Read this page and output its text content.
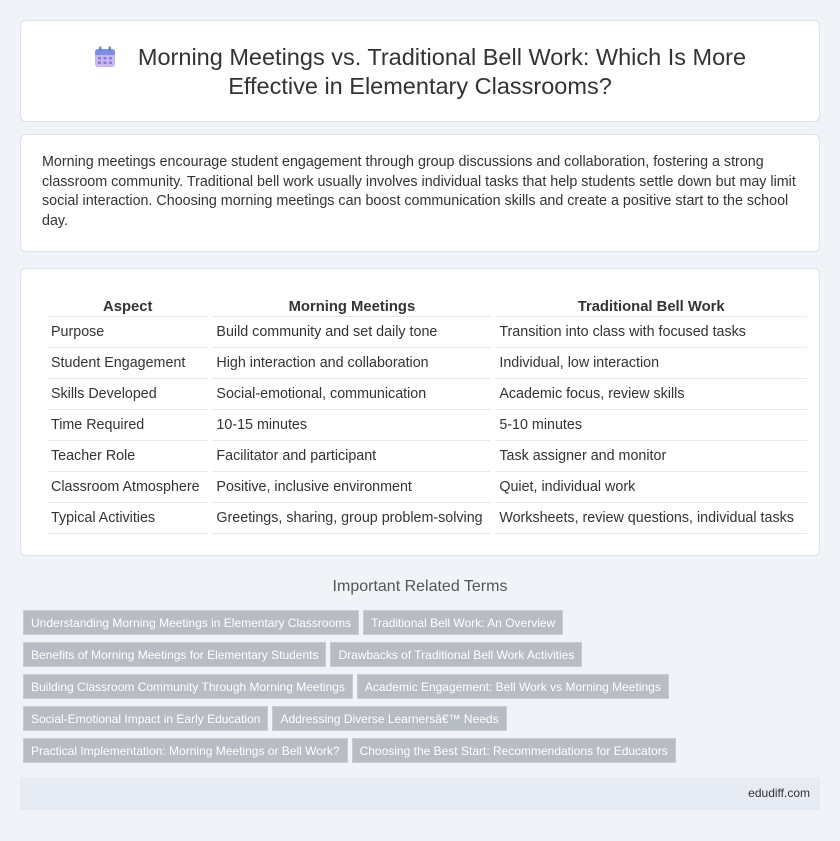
Morning Meetings vs. Traditional Bell Work: Which Is More
Effective in Elementary Classrooms?

Morning meetings encourage student engagement through group discussions and collaboration, fostering a strong classroom community. Traditional bell work usually involves individual tasks that help students settle down but may limit social interaction. Choosing morning meetings can boost communication skills and create a positive start to the school day.

Aspect	Morning Meetings	Traditional Bell Work
Purpose	Build community and set daily tone	Transition into class with focused tasks
Student Engagement	High interaction and collaboration	Individual, low interaction
Skills Developed	Social-emotional, communication	Academic focus, review skills
Time Required	10-15 minutes	5-10 minutes
Teacher Role	Facilitator and participant	Task assigner and monitor
Classroom Atmosphere	Positive, inclusive environment	Quiet, individual work
Typical Activities	Greetings, sharing, group problem-solving	Worksheets, review questions, individual tasks
Important Related Terms
Understanding Morning Meetings in Elementary Classrooms Traditional Bell Work: An Overview
Benefits of Morning Meetings for Elementary Students Drawbacks of Traditional Bell Work Activities
Building Classroom Community Through Morning Meetings Academic Engagement: Bell Work vs Morning Meetings
Social-Emotional Impact in Early Education Addressing Diverse Learnersâ€™ Needs
Practical Implementation: Morning Meetings or Bell Work? Choosing the Best Start: Recommendations for Educators
edudiff.com
